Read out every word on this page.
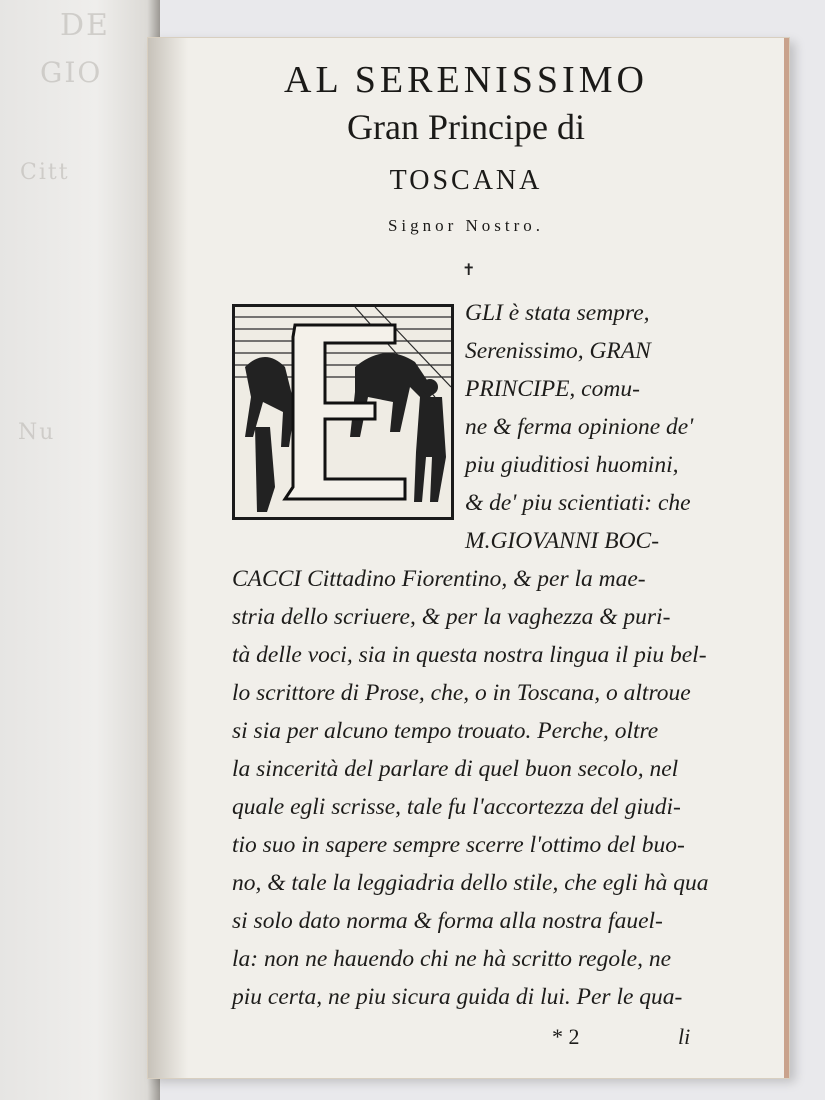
DE
GIO
Citt
Nu
AL SERENISSIMO
Gran Principe di
TOSCANA
Signor Nostro.
✝
GLI è stata sempre,
Serenissimo, GRAN
PRINCIPE, comu-
ne & ferma opinione de'
piu giuditiosi huomini,
& de' piu scientiati: che
M.GIOVANNI BOC-
CACCI Cittadino Fiorentino, & per la mae-
stria dello scriuere, & per la vaghezza & puri-
tà delle voci, sia in questa nostra lingua il piu bel-
lo scrittore di Prose, che, o in Toscana, o altroue
si sia per alcuno tempo trouato. Perche, oltre
la sincerità del parlare di quel buon secolo, nel
quale egli scrisse, tale fu l'accortezza del giudi-
tio suo in sapere sempre scerre l'ottimo del buo-
no, & tale la leggiadria dello stile, che egli hà qua
si solo dato norma & forma alla nostra fauel-
la: non ne hauendo chi ne hà scritto regole, ne
piu certa, ne piu sicura guida di lui. Per le qua-
* 2	li
